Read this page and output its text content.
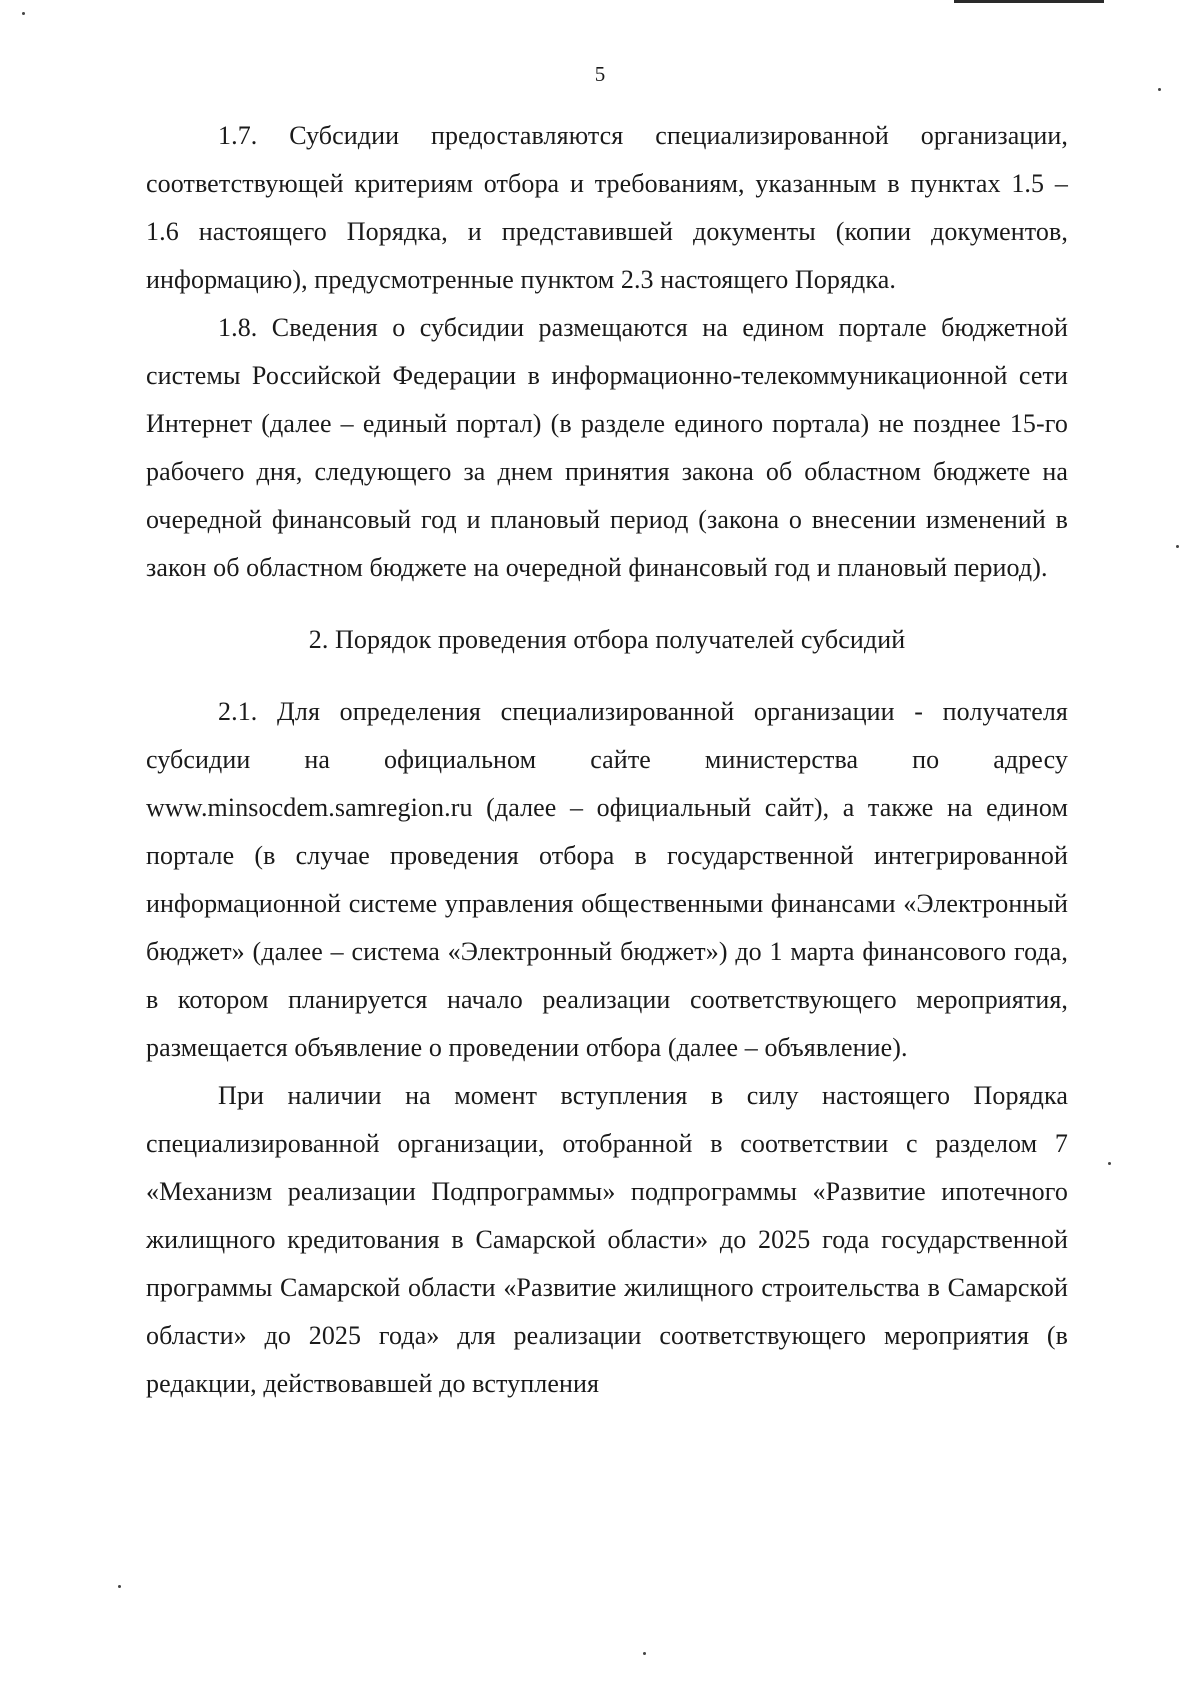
5

1.7. Субсидии предоставляются специализированной организации, соответствующей критериям отбора и требованиям, указанным в пунктах 1.5 – 1.6 настоящего Порядка, и представившей документы (копии документов, информацию), предусмотренные пунктом 2.3 настоящего Порядка.

1.8. Сведения о субсидии размещаются на едином портале бюджетной системы Российской Федерации в информационно-телекоммуникационной сети Интернет (далее – единый портал) (в разделе единого портала) не позднее 15-го рабочего дня, следующего за днем принятия закона об областном бюджете на очередной финансовый год и плановый период (закона о внесении изменений в закон об областном бюджете на очередной финансовый год и плановый период).

2. Порядок проведения отбора получателей субсидий

2.1. Для определения специализированной организации - получателя субсидии на официальном сайте министерства по адресу www.minsocdem.samregion.ru (далее – официальный сайт), а также на едином портале (в случае проведения отбора в государственной интегрированной информационной системе управления общественными финансами «Электронный бюджет» (далее – система «Электронный бюджет») до 1 марта финансового года, в котором планируется начало реализации соответствующего мероприятия, размещается объявление о проведении отбора (далее – объявление).

При наличии на момент вступления в силу настоящего Порядка специализированной организации, отобранной в соответствии с разделом 7 «Механизм реализации Подпрограммы» подпрограммы «Развитие ипотечного жилищного кредитования в Самарской области» до 2025 года государственной программы Самарской области «Развитие жилищного строительства в Самарской области» до 2025 года» для реализации соответствующего мероприятия (в редакции, действовавшей до вступления
